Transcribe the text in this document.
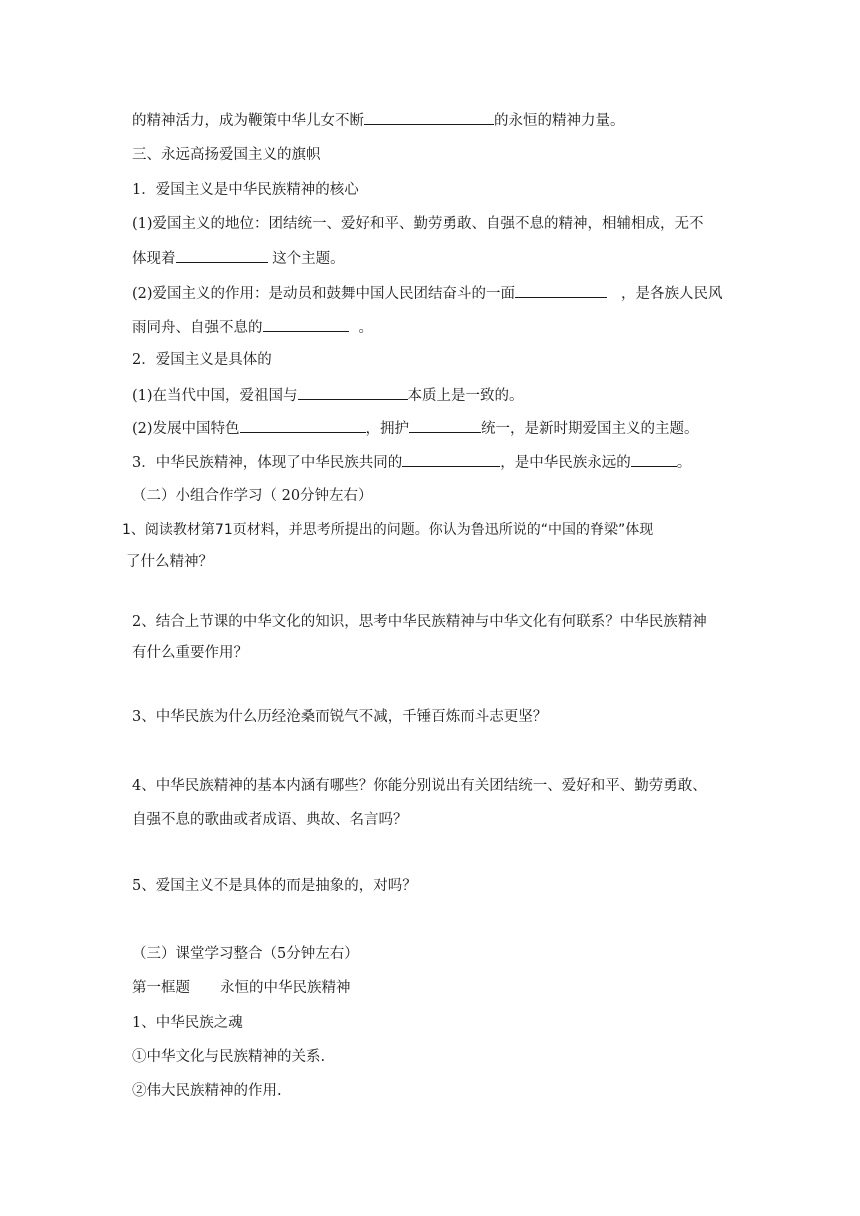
的精神活力，成为鞭策中华儿女不断	的永恒的精神力量。
三、永远高扬爱国主义的旗帜
1．爱国主义是中华民族精神的核心
(1)爱国主义的地位：团结统一、爱好和平、勤劳勇敢、自强不息的精神，相辅相成，无不
体现着	这个主题。
(2)爱国主义的作用：是动员和鼓舞中国人民团结奋斗的一面	，是各族人民风
雨同舟、自强不息的	。
2．爱国主义是具体的
(1)在当代中国，爱祖国与	本质上是一致的。
(2)发展中国特色	，拥护	统一，是新时期爱国主义的主题。
3．中华民族精神，体现了中华民族共同的	，是中华民族永远的	。
（二）小组合作学习（ 20分钟左右）
1、阅读教材第71页材料，并思考所提出的问题。你认为鲁迅所说的“中国的脊梁”体现
了什么精神？
2、结合上节课的中华文化的知识，思考中华民族精神与中华文化有何联系？中华民族精神
有什么重要作用？
3、中华民族为什么历经沧桑而锐气不减，千锤百炼而斗志更坚？
4、中华民族精神的基本内涵有哪些？你能分别说出有关团结统一、爱好和平、勤劳勇敢、
自强不息的歌曲或者成语、典故、名言吗？
5、爱国主义不是具体的而是抽象的，对吗？
（三）课堂学习整合（5分钟左右）
第一框题 永恒的中华民族精神
1、中华民族之魂
①中华文化与民族精神的关系.
②伟大民族精神的作用.
